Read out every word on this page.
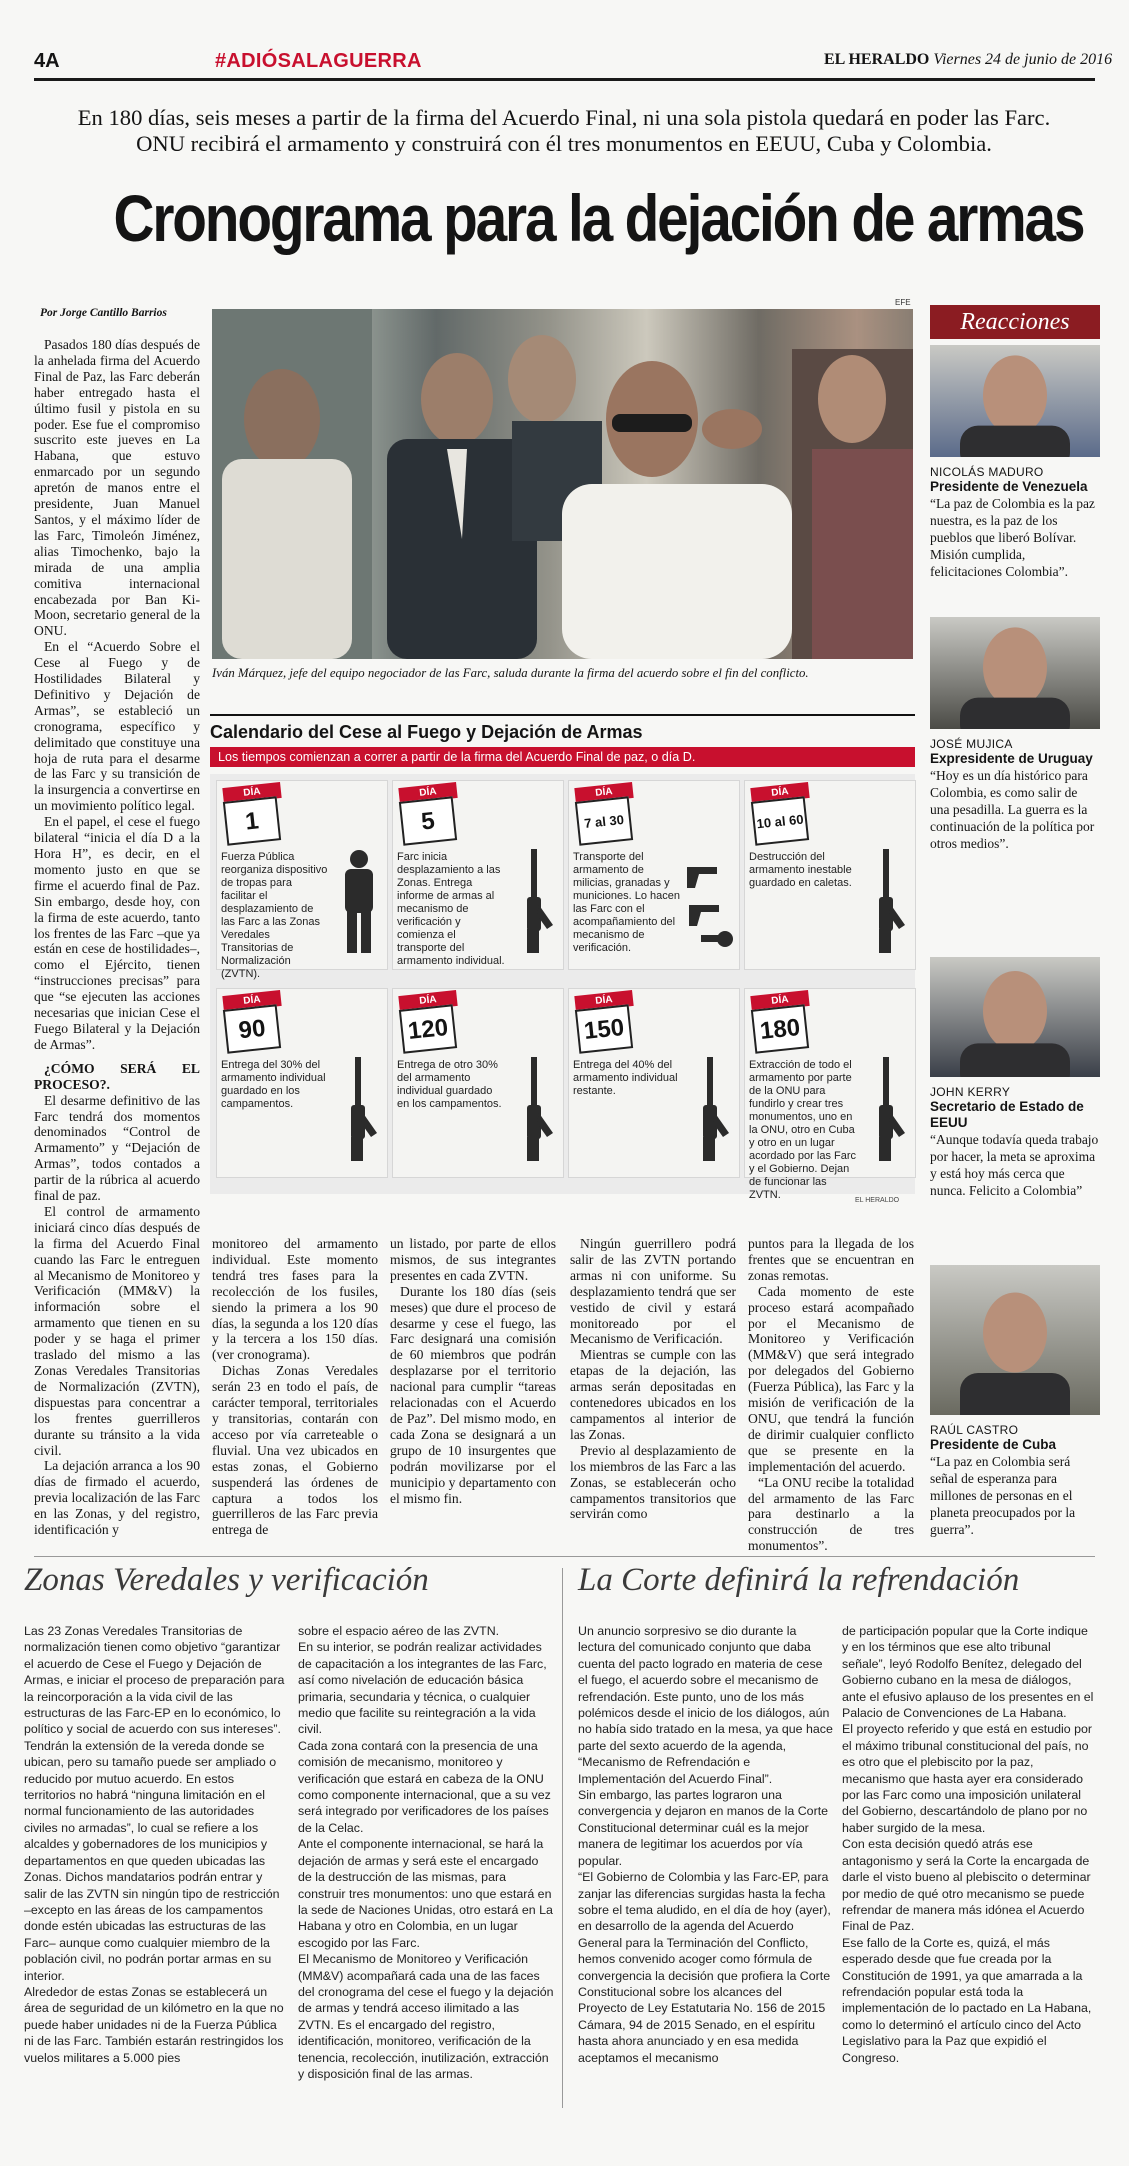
4A	#ADIÓSALAGUERRA	EL HERALDO Viernes 24 de junio de 2016
En 180 días, seis meses a partir de la firma del Acuerdo Final, ni una sola pistola quedará en poder las Farc. ONU recibirá el armamento y construirá con él tres monumentos en EEUU, Cuba y Colombia.
Cronograma para la dejación de armas
Por Jorge Cantillo Barrios

Pasados 180 días después de la anhelada firma del Acuerdo Final de Paz, las Farc deberán haber entregado hasta el último fusil y pistola en su poder. Ese fue el compromiso suscrito este jueves en La Habana, que estuvo enmarcado por un segundo apretón de manos entre el presidente, Juan Manuel Santos, y el máximo líder de las Farc, Timoleón Jiménez, alias Timochenko, bajo la mirada de una amplia comitiva internacional encabezada por Ban Ki-Moon, secretario general de la ONU.

En el “Acuerdo Sobre el Cese al Fuego y de Hostilidades Bilateral y Definitivo y Dejación de Armas”, se estableció un cronograma, específico y delimitado que constituye una hoja de ruta para el desarme de las Farc y su transición de la insurgencia a convertirse en un movimiento político legal.

En el papel, el cese el fuego bilateral “inicia el día D a la Hora H”, es decir, en el momento justo en que se firme el acuerdo final de Paz. Sin embargo, desde hoy, con la firma de este acuerdo, tanto los frentes de las Farc –que ya están en cese de hostilidades–, como el Ejército, tienen “instrucciones precisas” para que “se ejecuten las acciones necesarias que inician Cese el Fuego Bilateral y la Dejación de Armas”.

¿CÓMO SERÁ EL PROCESO?.

El desarme definitivo de las Farc tendrá dos momentos denominados “Control de Armamento” y “Dejación de Armas”, todos contados a partir de la rúbrica al acuerdo final de paz.

El control de armamento iniciará cinco días después de la firma del Acuerdo Final cuando las Farc le entreguen al Mecanismo de Monitoreo y Verificación (MM&V) la información sobre el armamento que tienen en su poder y se haga el primer traslado del mismo a las Zonas Veredales Transitorias de Normalización (ZVTN), dispuestas para concentrar a los frentes guerrilleros durante su tránsito a la vida civil.

La dejación arranca a los 90 días de firmado el acuerdo, previa localización de las Farc en las Zonas, y del registro, identificación y

EFE
Iván Márquez, jefe del equipo negociador de las Farc, saluda durante la firma del acuerdo sobre el fin del conflicto.
Calendario del Cese al Fuego y Dejación de Armas
Los tiempos comienzan a correr a partir de la firma del Acuerdo Final de paz, o día D.
DÍA
1
Fuerza Pública reorganiza dispositivo de tropas para facilitar el desplazamiento de las Farc a las Zonas Veredales Transitorias de Normalización (ZVTN).
DÍA
5
Farc inicia desplazamiento a las Zonas. Entrega informe de armas al mecanismo de verificación y comienza el transporte del armamento individual.
DÍA
7 al 30
Transporte del armamento de milicias, granadas y municiones. Lo hacen las Farc con el acompañamiento del mecanismo de verificación.
DÍA
10 al 60
Destrucción del armamento inestable guardado en caletas.
DÍA
90
Entrega del 30% del armamento individual guardado en los campamentos.
DÍA
120
Entrega de otro 30% del armamento individual guardado en los campamentos.
DÍA
150
Entrega del 40% del armamento individual restante.
DÍA
180
Extracción de todo el armamento por parte de la ONU para fundirlo y crear tres monumentos, uno en la ONU, otro en Cuba y otro en un lugar acordado por las Farc y el Gobierno. Dejan de funcionar las ZVTN.	EL HERALDO

monitoreo del armamento individual. Este momento tendrá tres fases para la recolección de los fusiles, siendo la primera a los 90 días, la segunda a los 120 días y la tercera a los 150 días. (ver cronograma).

Dichas Zonas Veredales serán 23 en todo el país, de carácter temporal, territoriales y transitorias, contarán con acceso por vía carreteable o fluvial. Una vez ubicados en estas zonas, el Gobierno suspenderá las órdenes de captura a todos los guerrilleros de las Farc previa entrega de

un listado, por parte de ellos mismos, de sus integrantes presentes en cada ZVTN.

Durante los 180 días (seis meses) que dure el proceso de desarme y cese el fuego, las Farc designará una comisión de 60 miembros que podrán desplazarse por el territorio nacional para cumplir “tareas relacionadas con el Acuerdo de Paz”. Del mismo modo, en cada Zona se designará a un grupo de 10 insurgentes que podrán movilizarse por el municipio y departamento con el mismo fin.

Ningún guerrillero podrá salir de las ZVTN portando armas ni con uniforme. Su desplazamiento tendrá que ser vestido de civil y estará monitoreado por el Mecanismo de Verificación.

Mientras se cumple con las etapas de la dejación, las armas serán depositadas en contenedores ubicados en los campamentos al interior de las Zonas.

Previo al desplazamiento de los miembros de las Farc a las Zonas, se establecerán ocho campamentos transitorios que servirán como

puntos para la llegada de los frentes que se encuentran en zonas remotas.

Cada momento de este proceso estará acompañado por el Mecanismo de Monitoreo y Verificación (MM&V) que será integrado por delegados del Gobierno (Fuerza Pública), las Farc y la misión de verificación de la ONU, que tendrá la función de dirimir cualquier conflicto que se presente en la implementación del acuerdo.

“La ONU recibe la totalidad del armamento de las Farc para destinarlo a la construcción de tres monumentos”.

Reacciones
NICOLÁS MADURO
Presidente de Venezuela
“La paz de Colombia es la paz nuestra, es la paz de los pueblos que liberó Bolívar. Misión cumplida, felicitaciones Colombia”.
JOSÉ MUJICA
Expresidente de Uruguay
“Hoy es un día histórico para Colombia, es como salir de una pesadilla. La guerra es la continuación de la política por otros medios”.
JOHN KERRY
Secretario de Estado de EEUU
“Aunque todavía queda trabajo por hacer, la meta se aproxima y está hoy más cerca que nunca. Felicito a Colombia”
RAÚL CASTRO
Presidente de Cuba
“La paz en Colombia será señal de esperanza para millones de personas en el planeta preocupados por la guerra”.
Zonas Veredales y verificación

Las 23 Zonas Veredales Transitorias de normalización tienen como objetivo “garantizar el acuerdo de Cese el Fuego y Dejación de Armas, e iniciar el proceso de preparación para la reincorporación a la vida civil de las estructuras de las Farc-EP en lo económico, lo político y social de acuerdo con sus intereses”.

Tendrán la extensión de la vereda donde se ubican, pero su tamaño puede ser ampliado o reducido por mutuo acuerdo. En estos territorios no habrá “ninguna limitación en el normal funcionamiento de las autoridades civiles no armadas”, lo cual se refiere a los alcaldes y gobernadores de los municipios y departamentos en que queden ubicadas las Zonas. Dichos mandatarios podrán entrar y salir de las ZVTN sin ningún tipo de restricción –excepto en las áreas de los campamentos donde estén ubicadas las estructuras de las Farc– aunque como cualquier miembro de la población civil, no podrán portar armas en su interior.

Alrededor de estas Zonas se establecerá un área de seguridad de un kilómetro en la que no puede haber unidades ni de la Fuerza Pública ni de las Farc. También estarán restringidos los vuelos militares a 5.000 pies

sobre el espacio aéreo de las ZVTN.

En su interior, se podrán realizar actividades de capacitación a los integrantes de las Farc, así como nivelación de educación básica primaria, secundaria y técnica, o cualquier medio que facilite su reintegración a la vida civil.

Cada zona contará con la presencia de una comisión de mecanismo, monitoreo y verificación que estará en cabeza de la ONU como componente internacional, que a su vez será integrado por verificadores de los países de la Celac.

Ante el componente internacional, se hará la dejación de armas y será este el encargado de la destrucción de las mismas, para construir tres monumentos: uno que estará en la sede de Naciones Unidas, otro estará en La Habana y otro en Colombia, en un lugar escogido por las Farc.

El Mecanismo de Monitoreo y Verificación (MM&V) acompañará cada una de las faces del cronograma del cese el fuego y la dejación de armas y tendrá acceso ilimitado a las ZVTN. Es el encargado del registro, identificación, monitoreo, verificación de la tenencia, recolección, inutilización, extracción y disposición final de las armas.

La Corte definirá la refrendación

Un anuncio sorpresivo se dio durante la lectura del comunicado conjunto que daba cuenta del pacto logrado en materia de cese el fuego, el acuerdo sobre el mecanismo de refrendación. Este punto, uno de los más polémicos desde el inicio de los diálogos, aún no había sido tratado en la mesa, ya que hace parte del sexto acuerdo de la agenda, “Mecanismo de Refrendación e Implementación del Acuerdo Final”.

Sin embargo, las partes lograron una convergencia y dejaron en manos de la Corte Constitucional determinar cuál es la mejor manera de legitimar los acuerdos por vía popular.

“El Gobierno de Colombia y las Farc-EP, para zanjar las diferencias surgidas hasta la fecha sobre el tema aludido, en el día de hoy (ayer), en desarrollo de la agenda del Acuerdo General para la Terminación del Conflicto, hemos convenido acoger como fórmula de convergencia la decisión que profiera la Corte Constitucional sobre los alcances del Proyecto de Ley Estatutaria No. 156 de 2015 Cámara, 94 de 2015 Senado, en el espíritu hasta ahora anunciado y en esa medida aceptamos el mecanismo

de participación popular que la Corte indique y en los términos que ese alto tribunal señale”, leyó Rodolfo Benítez, delegado del Gobierno cubano en la mesa de diálogos, ante el efusivo aplauso de los presentes en el Palacio de Convenciones de La Habana.

El proyecto referido y que está en estudio por el máximo tribunal constitucional del país, no es otro que el plebiscito por la paz, mecanismo que hasta ayer era considerado por las Farc como una imposición unilateral del Gobierno, descartándolo de plano por no haber surgido de la mesa.

Con esta decisión quedó atrás ese antagonismo y será la Corte la encargada de darle el visto bueno al plebiscito o determinar por medio de qué otro mecanismo se puede refrendar de manera más idónea el Acuerdo Final de Paz.

Ese fallo de la Corte es, quizá, el más esperado desde que fue creada por la Constitución de 1991, ya que amarrada a la refrendación popular está toda la implementación de lo pactado en La Habana, como lo determinó el artículo cinco del Acto Legislativo para la Paz que expidió el Congreso.
